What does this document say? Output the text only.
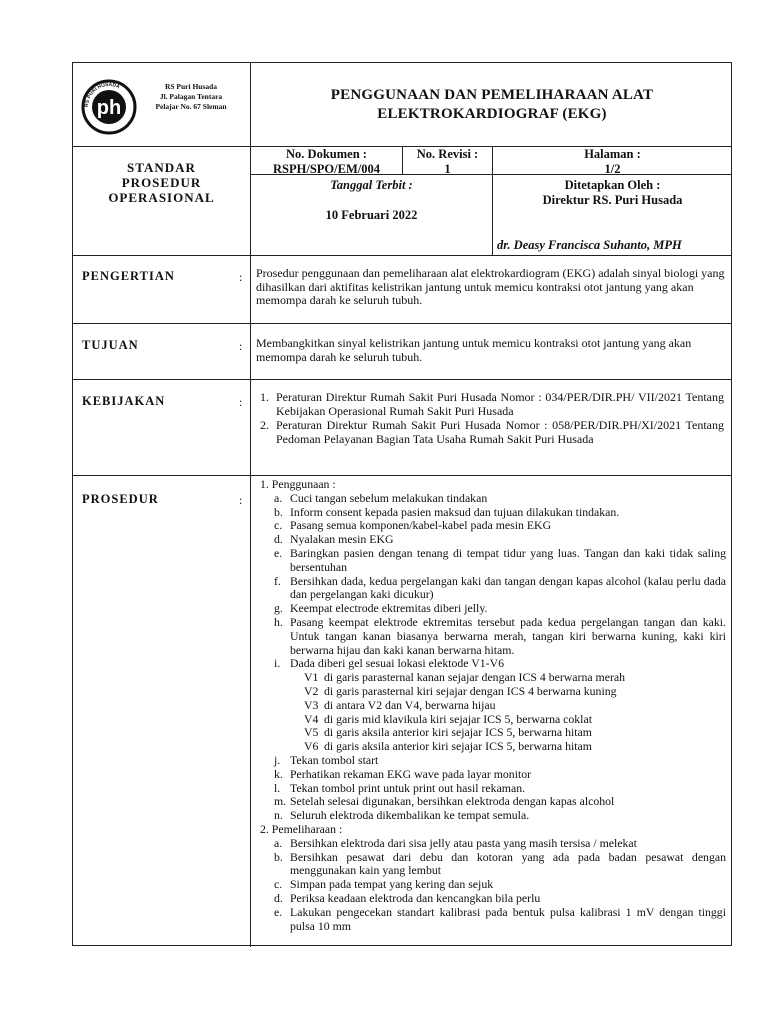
RS PURI HUSADA
ph
RS Puri Husada
Jl. Palagan Tentara
Pelajar No. 67 Sleman
PENGGUNAAN DAN PEMELIHARAAN ALAT
ELEKTROKARDIOGRAF (EKG)
STANDAR
PROSEDUR
OPERASIONAL
No. Dokumen :
RSPH/SPO/EM/004
No. Revisi :
1
Halaman :
1/2
Tanggal Terbit :
10 Februari 2022
Ditetapkan Oleh :
Direktur RS. Puri Husada
dr. Deasy Francisca Suhanto, MPH
PENGERTIAN	: Prosedur penggunaan dan pemeliharaan alat elektrokardiogram (EKG) adalah sinyal biologi yang dihasilkan dari aktifitas kelistrikan jantung untuk memicu kontraksi otot jantung yang akan memompa darah ke seluruh tubuh.
TUJUAN	: Membangkitkan sinyal kelistrikan jantung untuk memicu kontraksi otot jantung yang akan memompa darah ke seluruh tubuh.
KEBIJAKAN	: 1. Peraturan Direktur Rumah Sakit Puri Husada Nomor : 034/PER/DIR.PH/ VII/2021 Tentang Kebijakan Operasional Rumah Sakit Puri Husada
2. Peraturan Direktur Rumah Sakit Puri Husada Nomor : 058/PER/DIR.PH/XI/2021 Tentang Pedoman Pelayanan Bagian Tata Usaha Rumah Sakit Puri Husada
PROSEDUR	:
1. Penggunaan :
a. Cuci tangan sebelum melakukan tindakan
b. Inform consent kepada pasien maksud dan tujuan dilakukan tindakan.
c. Pasang semua komponen/kabel-kabel pada mesin EKG
d. Nyalakan mesin EKG
e. Baringkan pasien dengan tenang di tempat tidur yang luas. Tangan dan kaki tidak saling bersentuhan
f. Bersihkan dada, kedua pergelangan kaki dan tangan dengan kapas alcohol (kalau perlu dada dan pergelangan kaki dicukur)
g. Keempat electrode ektremitas diberi jelly.
h. Pasang keempat elektrode ektremitas tersebut pada kedua pergelangan tangan dan kaki. Untuk tangan kanan biasanya berwarna merah, tangan kiri berwarna kuning, kaki kiri berwarna hijau dan kaki kanan berwarna hitam.
i. Dada diberi gel sesuai lokasi elektode V1-V6
V1 di garis parasternal kanan sejajar dengan ICS 4 berwarna merah
V2 di garis parasternal kiri sejajar dengan ICS 4 berwarna kuning
V3 di antara V2 dan V4, berwarna hijau
V4 di garis mid klavikula kiri sejajar ICS 5, berwarna coklat
V5 di garis aksila anterior kiri sejajar ICS 5, berwarna hitam
V6 di garis aksila anterior kiri sejajar ICS 5, berwarna hitam
j. Tekan tombol start
k. Perhatikan rekaman EKG wave pada layar monitor
l. Tekan tombol print untuk print out hasil rekaman.
m. Setelah selesai digunakan, bersihkan elektroda dengan kapas alcohol
n. Seluruh elektroda dikembalikan ke tempat semula.
2. Pemeliharaan :
a. Bersihkan elektroda dari sisa jelly atau pasta yang masih tersisa / melekat
b. Bersihkan pesawat dari debu dan kotoran yang ada pada badan pesawat dengan menggunakan kain yang lembut
c. Simpan pada tempat yang kering dan sejuk
d. Periksa keadaan elektroda dan kencangkan bila perlu
e. Lakukan pengecekan standart kalibrasi pada bentuk pulsa kalibrasi 1 mV dengan tinggi pulsa 10 mm
